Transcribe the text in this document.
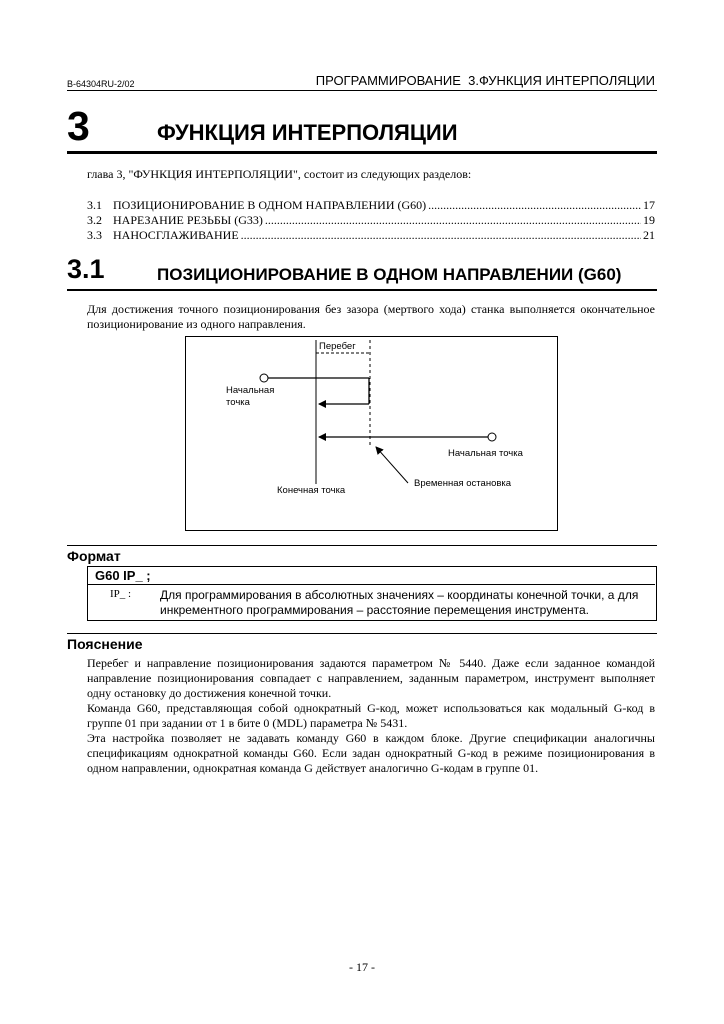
B-64304RU-2/02	ПРОГРАММИРОВАНИЕ 3.ФУНКЦИЯ ИНТЕРПОЛЯЦИИ
3	ФУНКЦИЯ ИНТЕРПОЛЯЦИИ
глава 3, "ФУНКЦИЯ ИНТЕРПОЛЯЦИИ", состоит из следующих разделов:
3.1 ПОЗИЦИОНИРОВАНИЕ В ОДНОМ НАПРАВЛЕНИИ (G60) .....	17
3.2 НАРЕЗАНИЕ РЕЗЬБЫ (G33) .....	19
3.3 НАНОСГЛАЖИВАНИЕ .....	21
3.1	ПОЗИЦИОНИРОВАНИЕ В ОДНОМ НАПРАВЛЕНИИ (G60)
Для достижения точного позиционирования без зазора (мертвого хода) станка выполняется окончательное позиционирование из одного направления.
Перебег
Начальная
точка
Начальная точка
Конечная точка
Временная остановка
Формат
G60 IP_ ;
IP_ : Для программирования в абсолютных значениях – координаты конечной точки, а для инкрементного программирования – расстояние перемещения инструмента.
Пояснение
Перебег и направление позиционирования задаются параметром № 5440. Даже если заданное командой направление позиционирования совпадает с направлением, заданным параметром, инструмент выполняет одну остановку до достижения конечной точки.
Команда G60, представляющая собой однократный G-код, может использоваться как модальный G-код в группе 01 при задании от 1 в бите 0 (MDL) параметра № 5431.
Эта настройка позволяет не задавать команду G60 в каждом блоке. Другие спецификации аналогичны спецификациям однократной команды G60. Если задан однократный G-код в режиме позиционирования в одном направлении, однократная команда G действует аналогично G-кодам в группе 01.
- 17 -
